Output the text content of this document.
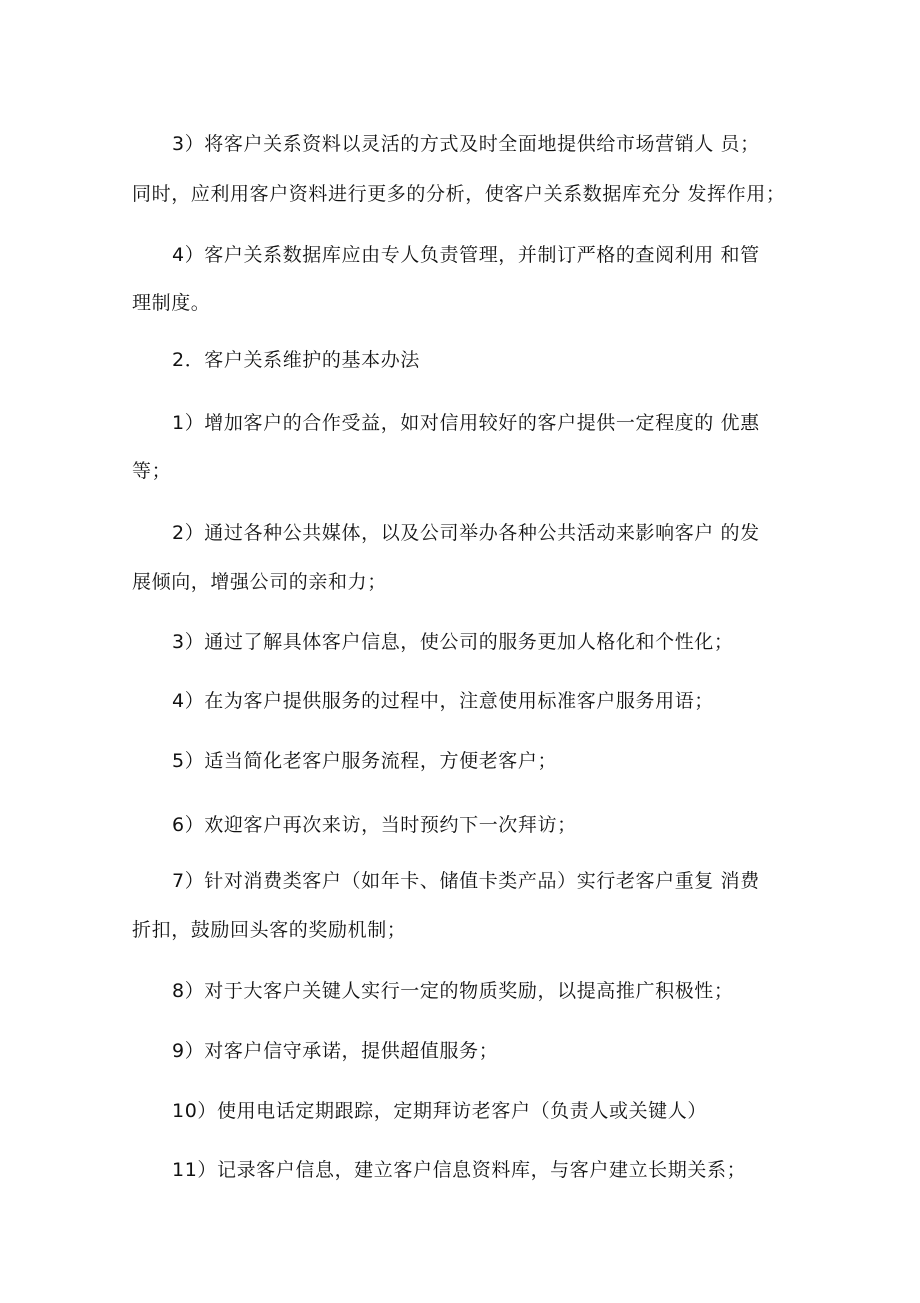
3）将客户关系资料以灵活的方式及时全面地提供给市场营销人 员；
同时，应利用客户资料进行更多的分析，使客户关系数据库充分 发挥作用；
4）客户关系数据库应由专人负责管理，并制订严格的查阅利用 和管
理制度。
2．客户关系维护的基本办法
1）增加客户的合作受益，如对信用较好的客户提供一定程度的 优惠
等；
2）通过各种公共媒体，以及公司举办各种公共活动来影响客户 的发
展倾向，增强公司的亲和力；
3）通过了解具体客户信息，使公司的服务更加人格化和个性化；
4）在为客户提供服务的过程中，注意使用标准客户服务用语；
5）适当简化老客户服务流程，方便老客户；
6）欢迎客户再次来访，当时预约下一次拜访；
7）针对消费类客户（如年卡、储值卡类产品）实行老客户重复 消费
折扣，鼓励回头客的奖励机制；
8）对于大客户关键人实行一定的物质奖励，以提高推广积极性；
9）对客户信守承诺，提供超值服务；
10）使用电话定期跟踪，定期拜访老客户（负责人或关键人）
11）记录客户信息，建立客户信息资料库，与客户建立长期关系；
